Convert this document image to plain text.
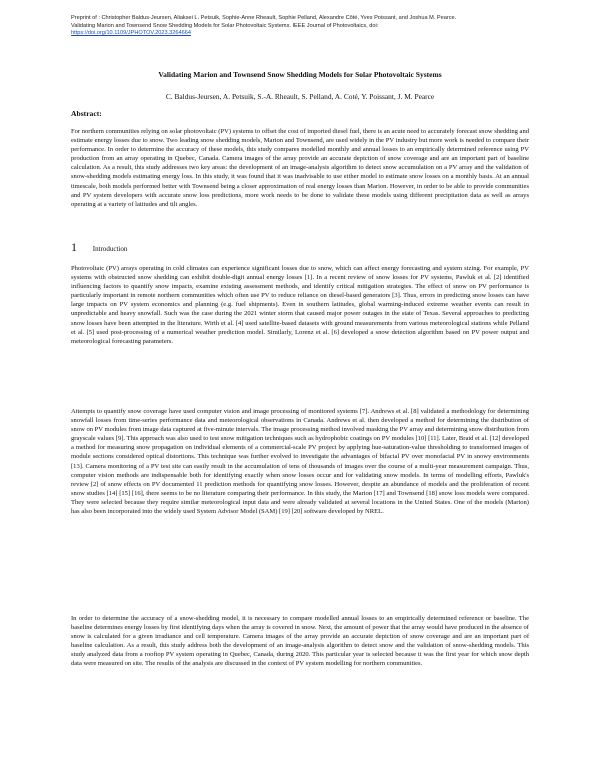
Preprint of : Christopher Baldus-Jeursen, Aliaksei L. Petsuik, Sophie-Anne Rheault, Sophie Pelland, Alexandre Côté, Yves Poissant, and Joshua M. Pearce.
Validating Marion and Townsend Snow Shedding Models for Solar Photovoltaic Systems. IEEE Journal of Photovoltaics, doi:
https://doi.org/10.1109/JPHOTOV.2023.3264664
Validating Marion and Townsend Snow Shedding Models for Solar Photovoltaic Systems
C. Baldus-Jeursen, A. Petsuik, S.-A. Rheault, S. Pelland, A. Coté, Y. Poissant, J. M. Pearce
Abstract:
For northern communities relying on solar photovoltaic (PV) systems to offset the cost of imported diesel fuel, there is an acute need to accurately forecast snow shedding and estimate energy losses due to snow. Two leading snow shedding models, Marion and Townsend, are used widely in the PV industry but more work is needed to compare their performance. In order to determine the accuracy of these models, this study compares modelled monthly and annual losses to an empirically determined reference using PV production from an array operating in Quebec, Canada. Camera images of the array provide an accurate depiction of snow coverage and are an important part of baseline calculation. As a result, this study addresses two key areas: the development of an image-analysis algorithm to detect snow accumulation on a PV array and the validation of snow-shedding models estimating energy loss. In this study, it was found that it was inadvisable to use either model to estimate snow losses on a monthly basis. At an annual timescale, both models performed better with Townsend being a closer approximation of real energy losses than Marion. However, in order to be able to provide communities and PV system developers with accurate snow loss predictions, more work needs to be done to validate these models using different precipitation data as well as arrays operating at a variety of latitudes and tilt angles.
1 Introduction
Photovoltaic (PV) arrays operating in cold climates can experience significant losses due to snow, which can affect energy forecasting and system sizing. For example, PV systems with obstructed snow shedding can exhibit double-digit annual energy losses [1]. In a recent review of snow losses for PV systems, Pawluk et al. [2] identified influencing factors to quantify snow impacts, examine existing assessment methods, and identify critical mitigation strategies. The effect of snow on PV performance is particularly important in remote northern communities which often use PV to reduce reliance on diesel-based generators [3]. Thus, errors in predicting snow losses can have large impacts on PV system economics and planning (e.g. fuel shipments). Even in southern latitudes, global warming-induced extreme weather events can result in unpredictable and heavy snowfall. Such was the case during the 2021 winter storm that caused major power outages in the state of Texas. Several approaches to predicting snow losses have been attempted in the literature. Wirth et al. [4] used satellite-based datasets with ground measurements from various meteorological stations while Pelland et al. [5] used post-processing of a numerical weather prediction model. Similarly, Lorenz et al. [6] developed a snow detection algorithm based on PV power output and meteorological forecasting parameters.
Attempts to quantify snow coverage have used computer vision and image processing of monitored systems [7]. Andrews et al. [8] validated a methodology for determining snowfall losses from time-series performance data and meteorological observations in Canada. Andrews et al. then developed a method for determining the distribution of snow on PV modules from image data captured at five-minute intervals. The image processing method involved masking the PV array and determining snow distribution from grayscale values [9]. This approach was also used to test snow mitigation techniques such as hydrophobic coatings on PV modules [10] [11]. Later, Braid et al. [12] developed a method for measuring snow propagation on individual elements of a commercial-scale PV project by applying hue-saturation-value thresholding to transformed images of module sections considered optical distortions. This technique was further evolved to investigate the advantages of bifacial PV over monofacial PV in snowy environments [13]. Camera monitoring of a PV test site can easily result in the accumulation of tens of thousands of images over the course of a multi-year measurement campaign. Thus, computer vision methods are indispensable both for identifying exactly when snow losses occur and for validating snow models. In terms of modelling efforts, Pawluk's review [2] of snow effects on PV documented 11 prediction methods for quantifying snow losses. However, despite an abundance of models and the proliferation of recent snow studies [14] [15] [16], there seems to be no literature comparing their performance. In this study, the Marion [17] and Townsend [18] snow loss models were compared. They were selected because they require similar meteorological input data and were already validated at several locations in the United States. One of the models (Marion) has also been incorporated into the widely used System Advisor Model (SAM) [19] [20] software developed by NREL.
In order to determine the accuracy of a snow-shedding model, it is necessary to compare modelled annual losses to an empirically determined reference or baseline. The baseline determines energy losses by first identifying days when the array is covered in snow. Next, the amount of power that the array would have produced in the absence of snow is calculated for a given irradiance and cell temperature. Camera images of the array provide an accurate depiction of snow coverage and are an important part of baseline calculation. As a result, this study address both the development of an image-analysis algorithm to detect snow and the validation of snow-shedding models. This study analyzed data from a rooftop PV system operating in Quebec, Canada, during 2020. This particular year is selected because it was the first year for which snow depth data were measured on site. The results of the analysis are discussed in the context of PV system modelling for northern communities.
